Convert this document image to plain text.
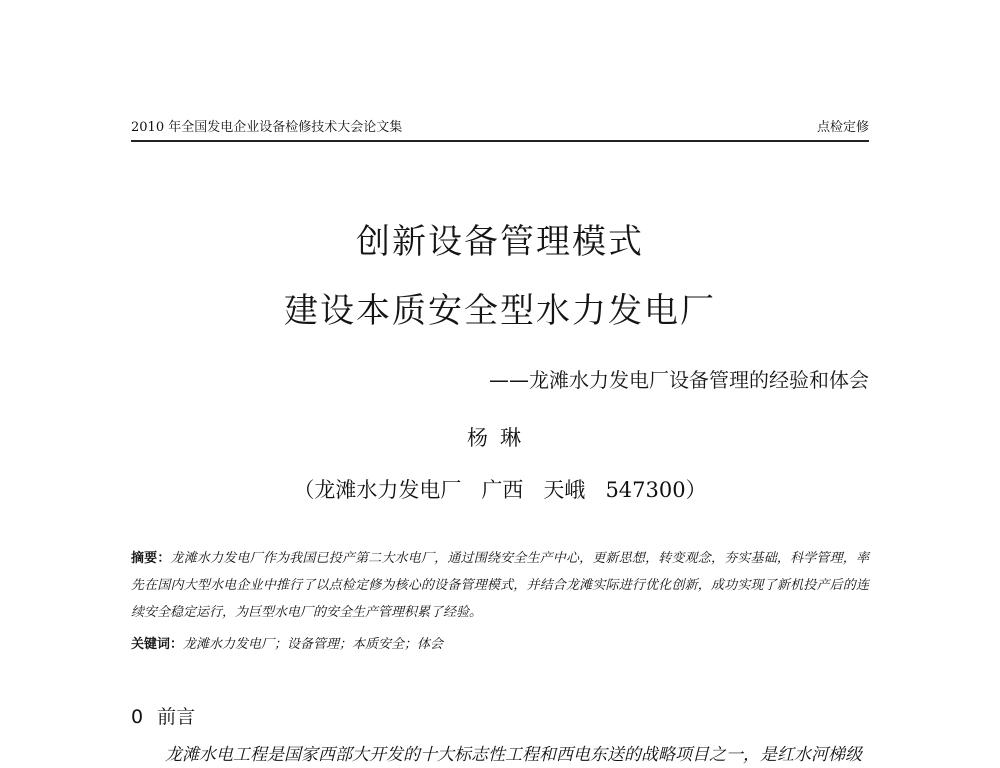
2010 年全国发电企业设备检修技术大会论文集	点检定修
创新设备管理模式
建设本质安全型水力发电厂
——龙滩水力发电厂设备管理的经验和体会
杨琳
（龙滩水力发电厂   广西   天峨   547300）
摘要：龙滩水力发电厂作为我国已投产第二大水电厂，通过围绕安全生产中心，更新思想，转变观念，夯实基础，科学管理，率先在国内大型水电企业中推行了以点检定修为核心的设备管理模式，并结合龙滩实际进行优化创新，成功实现了新机投产后的连续安全稳定运行，为巨型水电厂的安全生产管理积累了经验。
关键词：龙滩水力发电厂；设备管理；本质安全；体会
0 前言
龙滩水电工程是国家西部大开发的十大标志性工程和西电东送的战略项目之一，是红水河梯级
